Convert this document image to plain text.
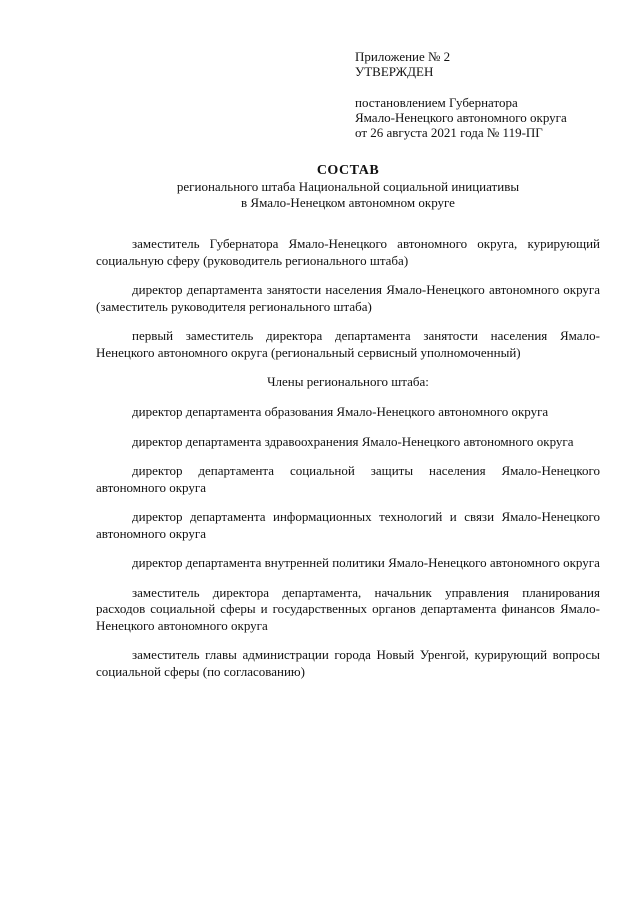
Приложение № 2
УТВЕРЖДЕН
постановлением Губернатора
Ямало-Ненецкого автономного округа
от 26 августа 2021 года № 119-ПГ
СОСТАВ
регионального штаба Национальной социальной инициативы
в Ямало-Ненецком автономном округе

заместитель Губернатора Ямало-Ненецкого автономного округа, курирующий социальную сферу (руководитель регионального штаба)

директор департамента занятости населения Ямало-Ненецкого автономного округа (заместитель руководителя регионального штаба)

первый заместитель директора департамента занятости населения Ямало-Ненецкого автономного округа (региональный сервисный уполномоченный)

Члены регионального штаба:

директор департамента образования Ямало-Ненецкого автономного округа

директор департамента здравоохранения Ямало-Ненецкого автономного округа

директор департамента социальной защиты населения Ямало-Ненецкого автономного округа

директор департамента информационных технологий и связи Ямало-Ненецкого автономного округа

директор департамента внутренней политики Ямало-Ненецкого автономного округа

заместитель директора департамента, начальник управления планирования расходов социальной сферы и государственных органов департамента финансов Ямало-Ненецкого автономного округа

заместитель главы администрации города Новый Уренгой, курирующий вопросы социальной сферы (по согласованию)
